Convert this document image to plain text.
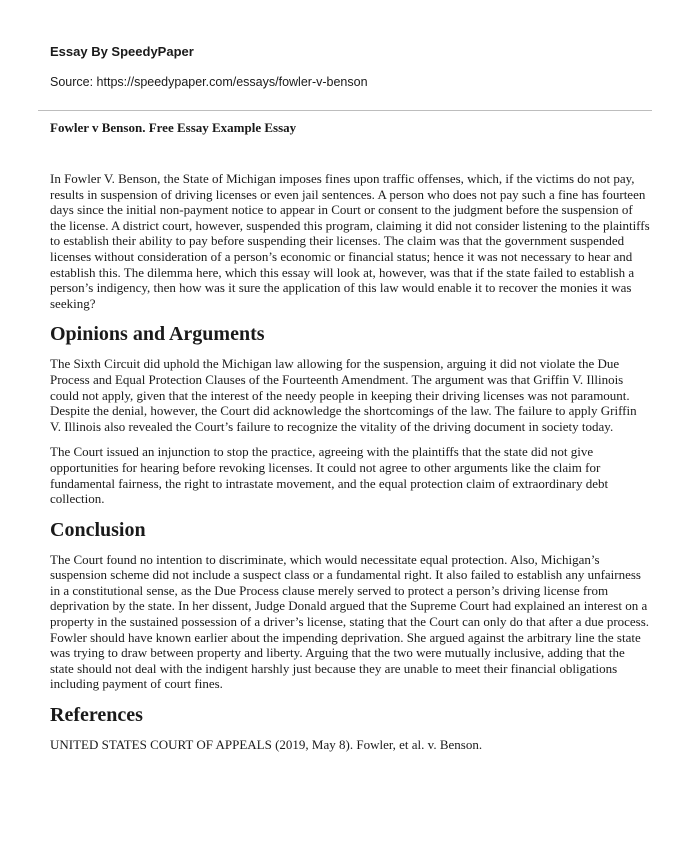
Essay By SpeedyPaper
Source: https://speedypaper.com/essays/fowler-v-benson
Fowler v Benson. Free Essay Example Essay

In Fowler V. Benson, the State of Michigan imposes fines upon traffic offenses, which, if the victims do not pay, results in suspension of driving licenses or even jail sentences. A person who does not pay such a fine has fourteen days since the initial non-payment notice to appear in Court or consent to the judgment before the suspension of the license. A district court, however, suspended this program, claiming it did not consider listening to the plaintiffs to establish their ability to pay before suspending their licenses. The claim was that the government suspended licenses without consideration of a person’s economic or financial status; hence it was not necessary to hear and establish this. The dilemma here, which this essay will look at, however, was that if the state failed to establish a person’s indigency, then how was it sure the application of this law would enable it to recover the monies it was seeking?

Opinions and Arguments

The Sixth Circuit did uphold the Michigan law allowing for the suspension, arguing it did not violate the Due Process and Equal Protection Clauses of the Fourteenth Amendment. The argument was that Griffin V. Illinois could not apply, given that the interest of the needy people in keeping their driving licenses was not paramount. Despite the denial, however, the Court did acknowledge the shortcomings of the law. The failure to apply Griffin V. Illinois also revealed the Court’s failure to recognize the vitality of the driving document in society today.

The Court issued an injunction to stop the practice, agreeing with the plaintiffs that the state did not give opportunities for hearing before revoking licenses. It could not agree to other arguments like the claim for fundamental fairness, the right to intrastate movement, and the equal protection claim of extraordinary debt collection.

Conclusion

The Court found no intention to discriminate, which would necessitate equal protection. Also, Michigan’s suspension scheme did not include a suspect class or a fundamental right. It also failed to establish any unfairness in a constitutional sense, as the Due Process clause merely served to protect a person’s driving license from deprivation by the state. In her dissent, Judge Donald argued that the Supreme Court had explained an interest on a property in the sustained possession of a driver’s license, stating that the Court can only do that after a due process. Fowler should have known earlier about the impending deprivation. She argued against the arbitrary line the state was trying to draw between property and liberty. Arguing that the two were mutually inclusive, adding that the state should not deal with the indigent harshly just because they are unable to meet their financial obligations including payment of court fines.

References

UNITED STATES COURT OF APPEALS (2019, May 8). Fowler, et al. v. Benson.
